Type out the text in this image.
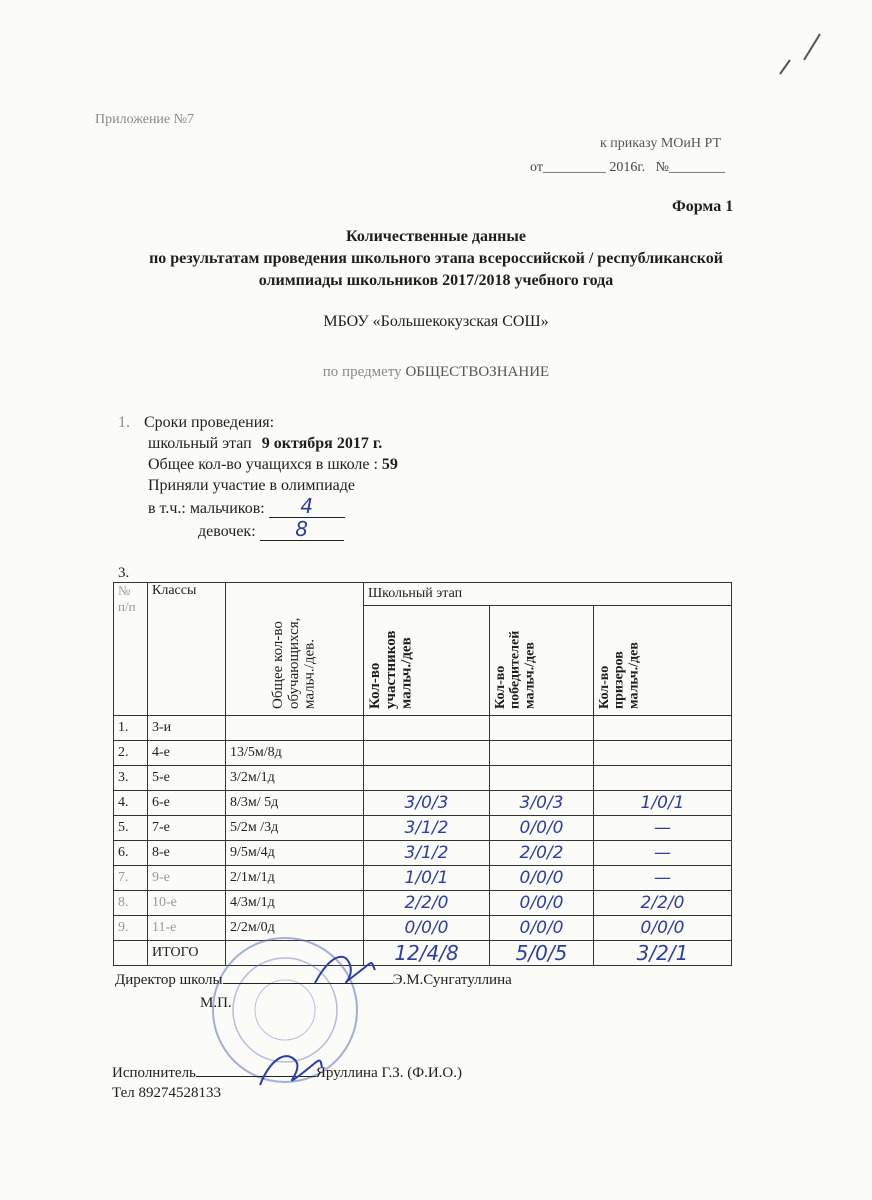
Приложение №7
к приказу МОиН РТ
от_________ 2016г.   №________
Форма 1
Количественные данные
по результатам проведения школьного этапа всероссийской / республиканской
олимпиады школьников 2017/2018 учебного года
МБОУ «Большекокузская СОШ»
по предмету ОБЩЕСТВОЗНАНИЕ
1. Сроки проведения:
школьный этап 9 октября 2017 г.
Общее кол-во учащихся в школе : 59
Приняли участие в олимпиаде
в т.ч.: мальчиков: 4
девочек: 8
3.
№ п/п	Классы	Общее кол-во обучающихся, мальч./дев.	Школьный этап		

			Кол-во участников мальч./дев	Кол-во победителей мальч./дев	Кол-во призеров мальч./дев

1.	3-и				
2.	4-е	13/5м/8д			
3.	5-е	3/2м/1д			
4.	6-е	8/3м/ 5д	3/0/3	3/0/3	1/0/1
5.	7-е	5/2м /3д	3/1/2	0/0/0	—
6.	8-е	9/5м/4д	3/1/2	2/0/2	—
7.	9-е	2/1м/1д	1/0/1	0/0/0	—
8.	10-е	4/3м/1д	2/2/0	0/0/0	2/2/0
9.	11-е	2/2м/0д	0/0/0	0/0/0	0/0/0
	ИТОГО		12/4/8	5/0/5	3/2/1
Директор школы	Э.М.Сунгатуллина
М.П.
Исполнитель	Яруллина Г.З. (Ф.И.О.)
Тел 89274528133
